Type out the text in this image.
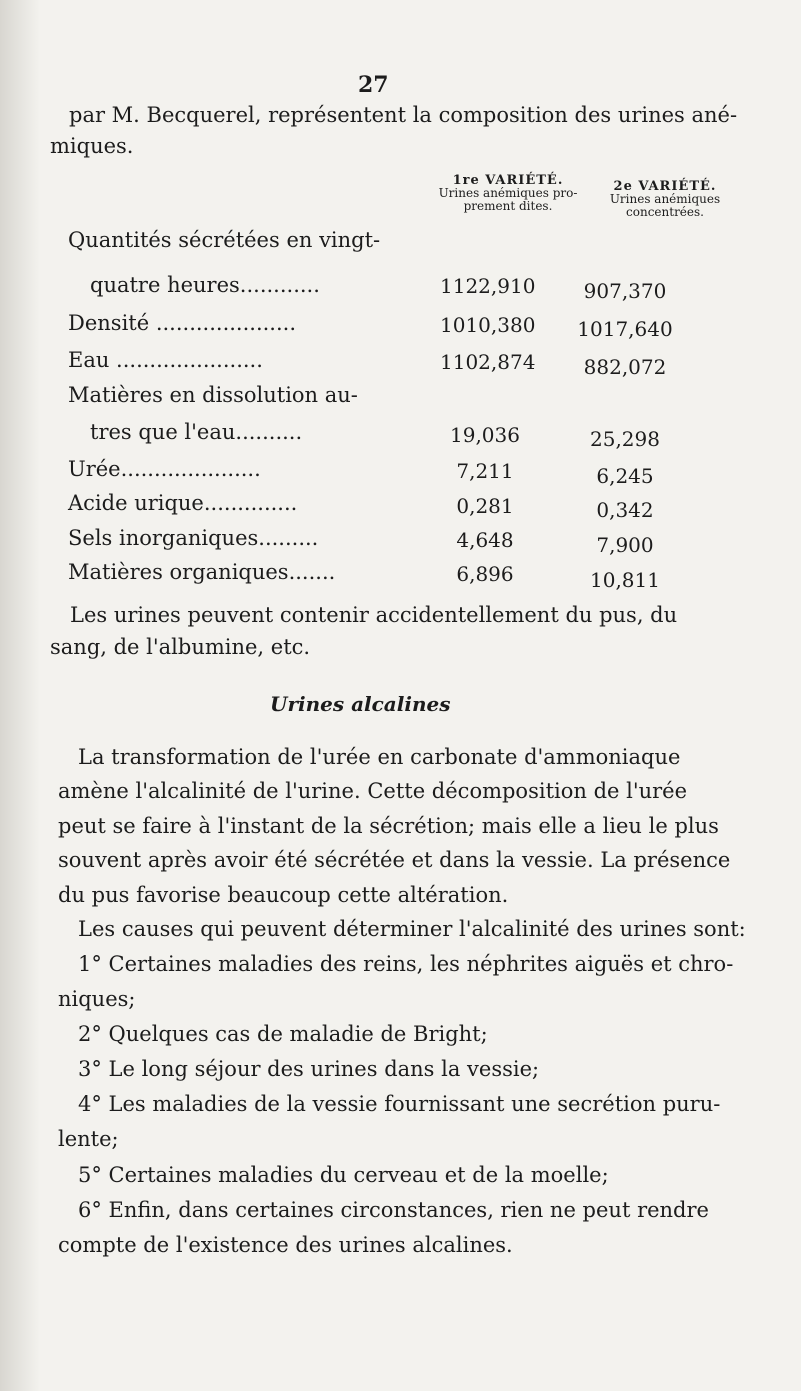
27
par M. Becquerel, représentent la composition des urines ané-
miques.
1re VARIÉTÉ.
Urines anémiques pro-
prement dites.
2e VARIÉTÉ.
Urines anémiques
concentrées.
Quantités sécrétées en vingt-
quatre heures............	1122,910	907,370
Densité .....................	1010,380 1017,640
Eau ......................	1102,874	882,072
Matières en dissolution au-
tres que l'eau..........	19,036	25,298
Urée.....................	7,211	6,245
Acide urique..............	0,281	0,342
Sels inorganiques.........	4,648	7,900
Matières organiques.......	6,896	10,811
Les urines peuvent contenir accidentellement du pus, du
sang, de l'albumine, etc.
Urines alcalines
La transformation de l'urée en carbonate d'ammoniaque
amène l'alcalinité de l'urine. Cette décomposition de l'urée
peut se faire à l'instant de la sécrétion; mais elle a lieu le plus
souvent après avoir été sécrétée et dans la vessie. La présence
du pus favorise beaucoup cette altération.
Les causes qui peuvent déterminer l'alcalinité des urines sont:
1° Certaines maladies des reins, les néphrites aiguës et chro-
niques;
2° Quelques cas de maladie de Bright;
3° Le long séjour des urines dans la vessie;
4° Les maladies de la vessie fournissant une secrétion puru-
lente;
5° Certaines maladies du cerveau et de la moelle;
6° Enfin, dans certaines circonstances, rien ne peut rendre
compte de l'existence des urines alcalines.
